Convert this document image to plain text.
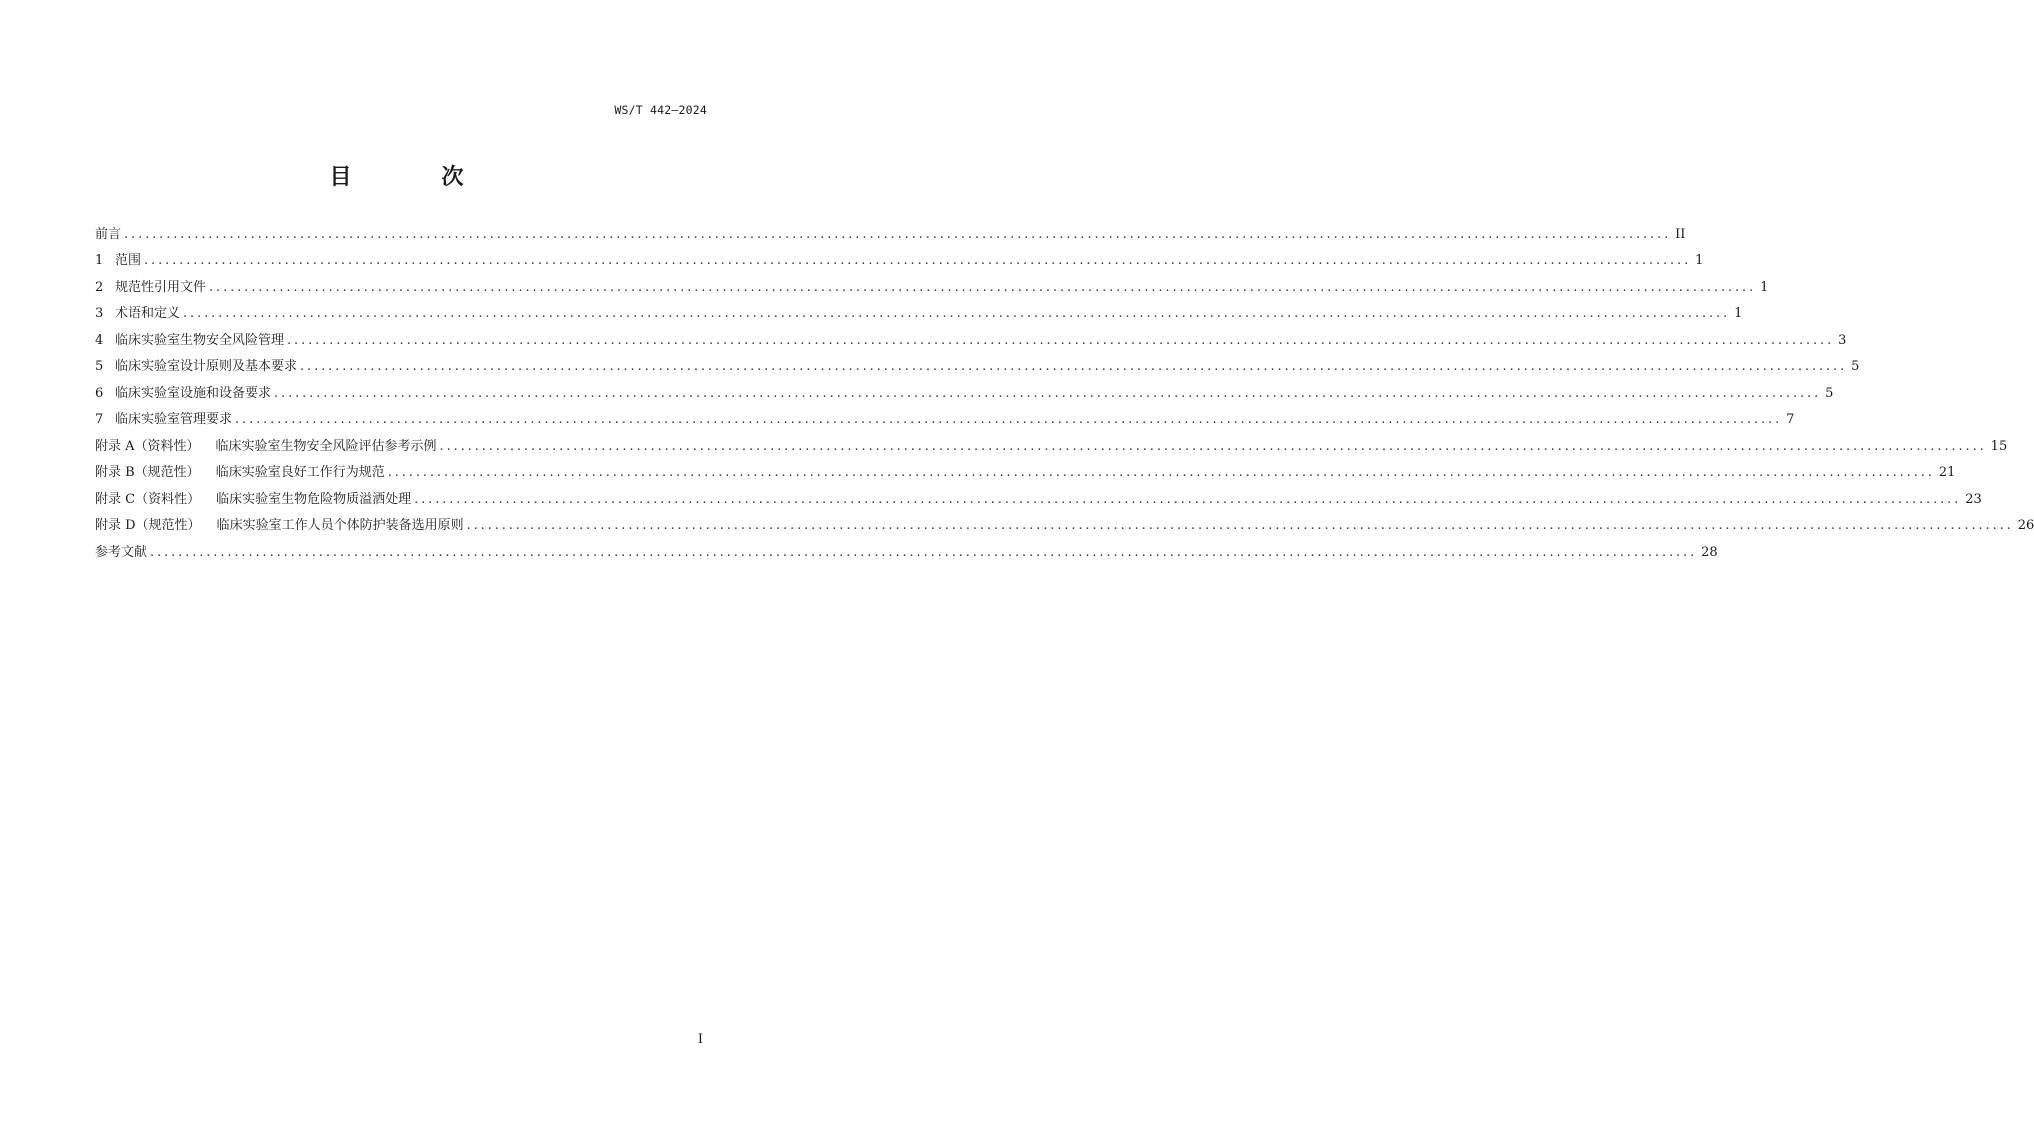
WS/T 442—2024
目　次
前言 ............................................................................................................................................................................................................................ II
1 范围 ............................................................................................................................................................................................................................ 1
2 规范性引用文件 ............................................................................................................................................................................................................................ 1
3 术语和定义 ............................................................................................................................................................................................................................ 1
4 临床实验室生物安全风险管理 ............................................................................................................................................................................................................................ 3
5 临床实验室设计原则及基本要求 ............................................................................................................................................................................................................................ 5
6 临床实验室设施和设备要求 ............................................................................................................................................................................................................................ 5
7 临床实验室管理要求 ............................................................................................................................................................................................................................ 7
附录 A（资料性） 临床实验室生物安全风险评估参考示例 ............................................................................................................................................................................................................................ 15
附录 B（规范性） 临床实验室良好工作行为规范 ............................................................................................................................................................................................................................ 21
附录 C（资料性） 临床实验室生物危险物质溢洒处理 ............................................................................................................................................................................................................................ 23
附录 D（规范性） 临床实验室工作人员个体防护装备选用原则 ............................................................................................................................................................................................................................ 26
参考文献 ............................................................................................................................................................................................................................ 28
I
